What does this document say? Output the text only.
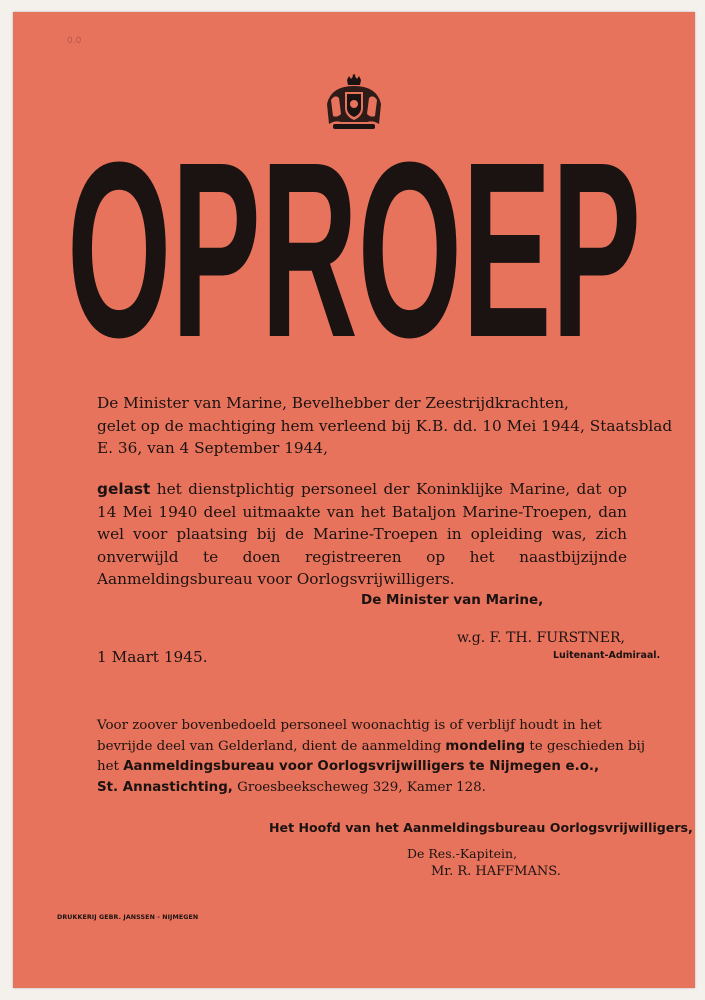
0.0
OPROEP
De Minister van Marine, Bevelhebber der Zeestrijdkrachten,
gelet op de machtiging hem verleend bij K.B. dd. 10 Mei 1944, Staatsblad
E. 36, van 4 September 1944,
gelast het dienstplichtig personeel der Koninklijke Marine, dat op 14 Mei 1940 deel uitmaakte van het Bataljon Marine-Troepen, dan wel voor plaatsing bij de Marine-Troepen in opleiding was, zich onverwijld te doen registreeren op het naastbijzijnde Aanmeldingsbureau voor Oorlogsvrijwilligers.
De Minister van Marine,
w.g. F. TH. FURSTNER,
Luitenant-Admiraal.
1 Maart 1945.
Voor zoover bovenbedoeld personeel woonachtig is of verblijf houdt in het
bevrijde deel van Gelderland, dient de aanmelding mondeling te geschieden bij
het Aanmeldingsbureau voor Oorlogsvrijwilligers te Nijmegen e.o.,
St. Annastichting, Groesbeekscheweg 329, Kamer 128.
Het Hoofd van het Aanmeldingsbureau Oorlogsvrijwilligers,
De Res.-Kapitein,
Mr. R. HAFFMANS.
DRUKKERIJ GEBR. JANSSEN - NIJMEGEN
